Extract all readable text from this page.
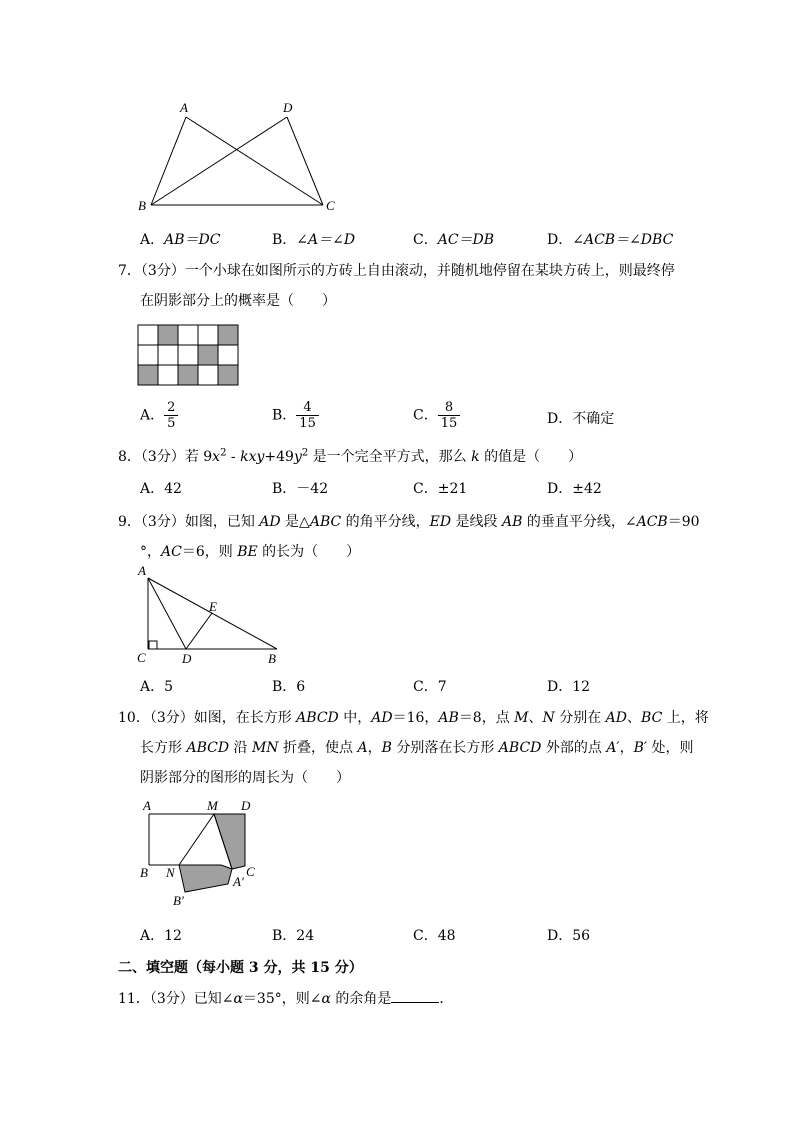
A	D
B	C
A．AB＝DC	B．∠A＝∠D	C．AC＝DB	D．∠ACB＝∠DBC
7．（3分）一个小球在如图所示的方砖上自由滚动，并随机地停留在某块方砖上，则最终停
在阴影部分上的概率是（　　）
A． $\frac{2}{5}$	B． $\frac{4}{15}$	C． $\frac{8}{15}$	D．不确定
8．（3分）若 $9x^2 - kxy+49y^2$ 是一个完全平方式，那么 k 的值是（　　）
A．42	B．－42	C．±21	D．±42
9．（3分）如图，已知 AD 是△ABC 的角平分线，ED 是线段 AB 的垂直平分线，∠ACB＝90
°，AC＝6，则 BE 的长为（　　）
A
E
C	D	B
A．5	B．6	C．7	D．12
10．（3分）如图，在长方形 ABCD 中，AD＝16，AB＝8，点 M、N 分别在 AD、BC 上，将
长方形 ABCD 沿 MN 折叠，使点 A，B 分别落在长方形 ABCD 外部的点 A′，B′ 处，则
阴影部分的图形的周长为（　　）
A	M D
B N	C
A′
B′
A．12	B．24	C．48	D．56
二、填空题（每小题 3 分，共 15 分）
11．（3分）已知∠α＝35°，则∠α 的余角是	．
